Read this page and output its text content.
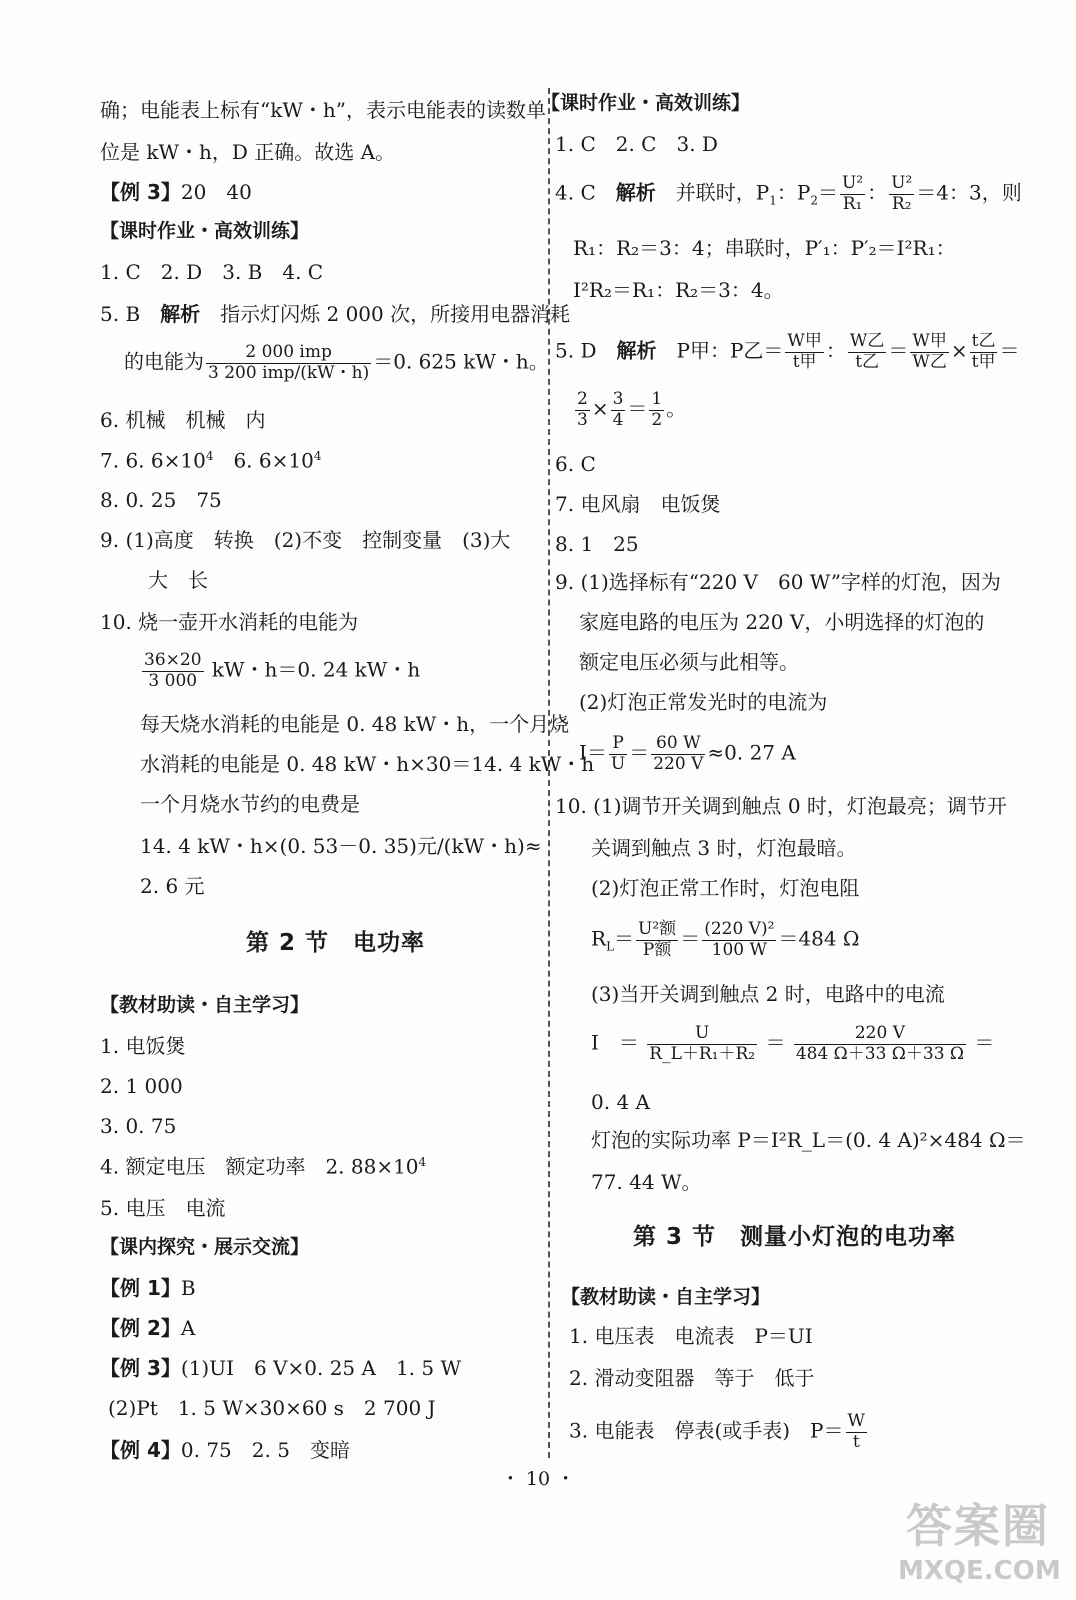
确；电能表上标有“kW・h”，表示电能表的读数单
位是 kW・h，D 正确。故选 A。
【例 3】20　40
【课时作业・高效训练】
1. C　2. D　3. B　4. C
5. B　 解析　 指示灯闪烁 2 000 次，所接用电器消耗
的电能为 $\frac{\text{2 000 imp}}{\text{3 200 imp/(kW・h)}} =0$. 625 kW・h。
6. 机械　机械　内
7. 6. $6\times 10^4$　 6. $6\times 10^4$
8. 0. 25　75
9. (1)高度　转换　(2)不变　控制变量　(3)大
大　长
10. 烧一壶开水消耗的电能为
$\frac{36\times 20}{3 000}$ kW・h＝0. 24 kW・h
每天烧水消耗的电能是 0. 48 kW・h，一个月烧
水消耗的电能是 0. 48 kW・h×30＝14. 4 kW・h
一个月烧水节约的电费是
14. 4 kW・h×(0. 53－0. 35)元/(kW・h)≈
2. 6 元
第 2 节　电功率
【教材助读・自主学习】
1. 电饭煲
2. 1 000
3. 0. 75
4. 额定电压　额定功率　2. $88\times 10^4$
5. 电压　电流
【课内探究・展示交流】
【例 1】B
【例 2】A
【例 3】(1)UI　6 V×0. 25 A　1. 5 W
(2)Pt　1. 5 W×30×60 s　2 700 J
【例 4】0. 75　2. 5　变暗
【课时作业・高效训练】
1. C　2. C　3. D
4. C　 解析　 并联时，$P_1$：$P_2= \frac{\text{U²}}{\text{R₁}}$ ： $\frac{\text{U²}}{\text{R₂}} =4$：3，则
R₁：R₂＝3：4；串联时，P′₁：P′₂＝I²R₁：
I²R₂＝R₁：R₂＝3：4。
5. D　 解析　 P甲：P乙＝ $\frac{\text{W甲}}{\text{t甲}}$ ： $\frac{\text{W乙}}{\text{t乙}} = \frac{\text{W甲}}{\text{W乙}} \times \frac{\text{t乙}}{\text{t甲}}$ ＝
$\frac{2}{3} \times \frac{3}{4} = \frac{1}{2}$ 。
6. C
7. 电风扇　电饭煲
8. 1　25
9. (1)选择标有“220 V　60 W”字样的灯泡，因为
家庭电路的电压为 220 V，小明选择的灯泡的
额定电压必须与此相等。
(2)灯泡正常发光时的电流为
$I= \frac{P}{U} = \frac{60 W}{220 V} \approx 0$. 27 A
10. (1)调节开关调到触点 0 时，灯泡最亮；调节开
关调到触点 3 时，灯泡最暗。
(2)灯泡正常工作时，灯泡电阻
$R_L= \frac{\text{U²额}}{\text{P额}} = \frac{\text{(220 V)²}}{100 W} =484$ Ω
(3)当开关调到触点 2 时，电路中的电流
I　＝ $\frac{U}{\text{R\_L＋R₁＋R₂}} = \frac{220 V}{484 \Omega+33 \Omega+33 \Omega}$ ＝
0. 4 A
灯泡的实际功率 P＝I²R_L＝(0. 4 A)²×484 Ω＝
77. 44 W。
第 3 节　测量小灯泡的电功率
【教材助读・自主学习】
1. 电压表　电流表　P＝UI
2. 滑动变阻器　等于　低于
3. 电能表　停表(或手表)　$P= \frac{W}{t}$
・ 10 ・
答案圈
MXQE.COM
